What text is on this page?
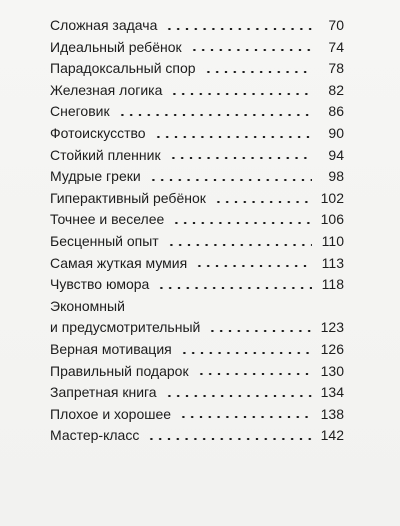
Сложная задача	70
Идеальный ребёнок	74
Парадоксальный спор	78
Железная логика	82
Снеговик	86
Фотоискусство	90
Стойкий пленник	94
Мудрые греки	98
Гиперактивный ребёнок	102
Точнее и веселее	106
Бесценный опыт	110
Самая жуткая мумия	113
Чувство юмора	118
Экономный
и предусмотрительный	123
Верная мотивация	126
Правильный подарок	130
Запретная книга	134
Плохое и хорошее	138
Мастер-класс	142
